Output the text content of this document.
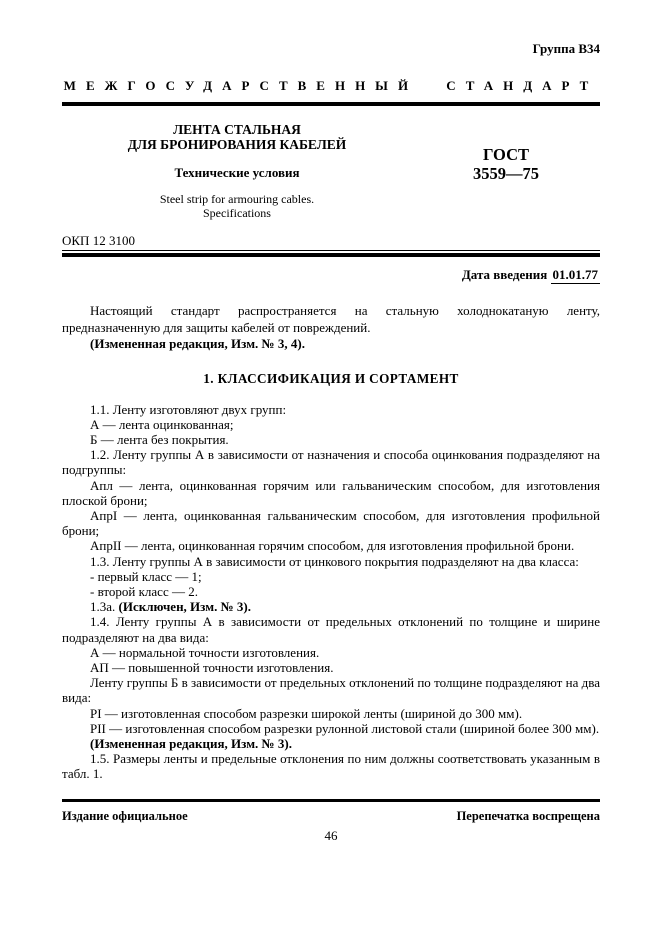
Группа В34
МЕЖГОСУДАРСТВЕННЫЙ СТАНДАРТ
ЛЕНТА СТАЛЬНАЯ
ДЛЯ БРОНИРОВАНИЯ КАБЕЛЕЙ
Технические условия
Steel strip for armouring cables.
Specifications
ГОСТ
3559—75
ОКП 12 3100
Дата введения 01.01.77

Настоящий стандарт распространяется на стальную холоднокатаную ленту, предназначенную для защиты кабелей от повреждений.

(Измененная редакция, Изм. № 3, 4).

1. КЛАССИФИКАЦИЯ И СОРТАМЕНТ

1.1. Ленту изготовляют двух групп:

А — лента оцинкованная;

Б — лента без покрытия.

1.2. Ленту группы А в зависимости от назначения и способа оцинкования подразделяют на подгруппы:

Апл — лента, оцинкованная горячим или гальваническим способом, для изготовления плоской брони;

АпрI — лента, оцинкованная гальваническим способом, для изготовления профильной брони;

АпрII — лента, оцинкованная горячим способом, для изготовления профильной брони.

1.3. Ленту группы А в зависимости от цинкового покрытия подразделяют на два класса:

- первый класс — 1;

- второй класс — 2.

1.3а. (Исключен, Изм. № 3).

1.4. Ленту группы А в зависимости от предельных отклонений по толщине и ширине подразделяют на два вида:

А — нормальной точности изготовления.

АП — повышенной точности изготовления.

Ленту группы Б в зависимости от предельных отклонений по толщине подразделяют на два вида:

РI — изготовленная способом разрезки широкой ленты (шириной до 300 мм).

РII — изготовленная способом разрезки рулонной листовой стали (шириной более 300 мм).

(Измененная редакция, Изм. № 3).

1.5. Размеры ленты и предельные отклонения по ним должны соответствовать указанным в табл. 1.

Издание официальное	Перепечатка воспрещена
46
